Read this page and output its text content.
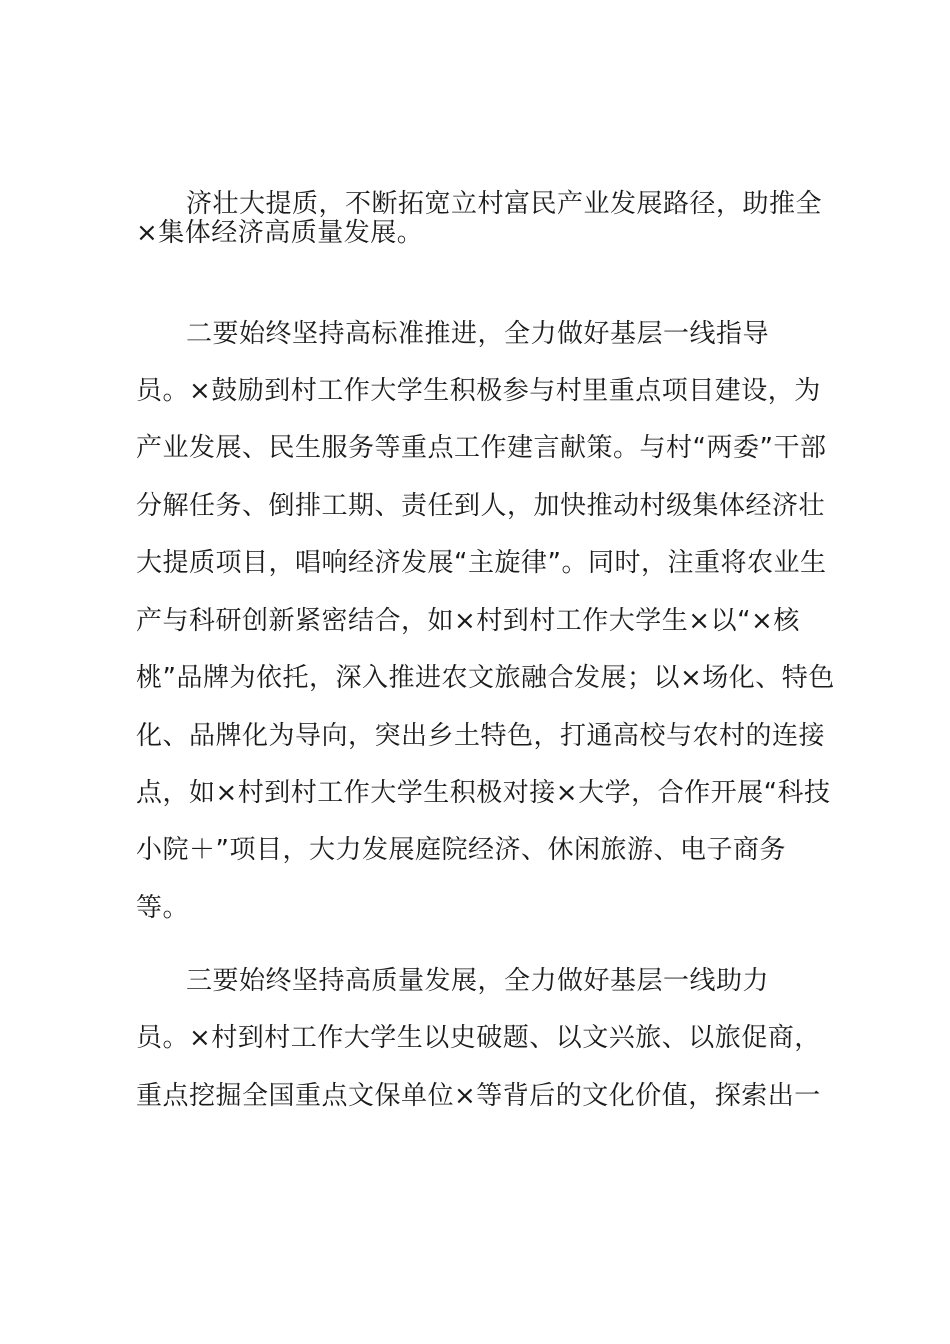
济壮大提质，不断拓宽立村富民产业发展路径，助推全
×集体经济高质量发展。
二要始终坚持高标准推进，全力做好基层一线指导
员。×鼓励到村工作大学生积极参与村里重点项目建设，为
产业发展、民生服务等重点工作建言献策。与村“两委”干部
分解任务、倒排工期、责任到人，加快推动村级集体经济壮
大提质项目，唱响经济发展“主旋律”。同时，注重将农业生
产与科研创新紧密结合，如×村到村工作大学生×以“×核
桃”品牌为依托，深入推进农文旅融合发展；以×场化、特色
化、品牌化为导向，突出乡土特色，打通高校与农村的连接
点，如×村到村工作大学生积极对接×大学，合作开展“科技
小院＋”项目，大力发展庭院经济、休闲旅游、电子商务
等。
三要始终坚持高质量发展，全力做好基层一线助力
员。×村到村工作大学生以史破题、以文兴旅、以旅促商，
重点挖掘全国重点文保单位×等背后的文化价值，探索出一
